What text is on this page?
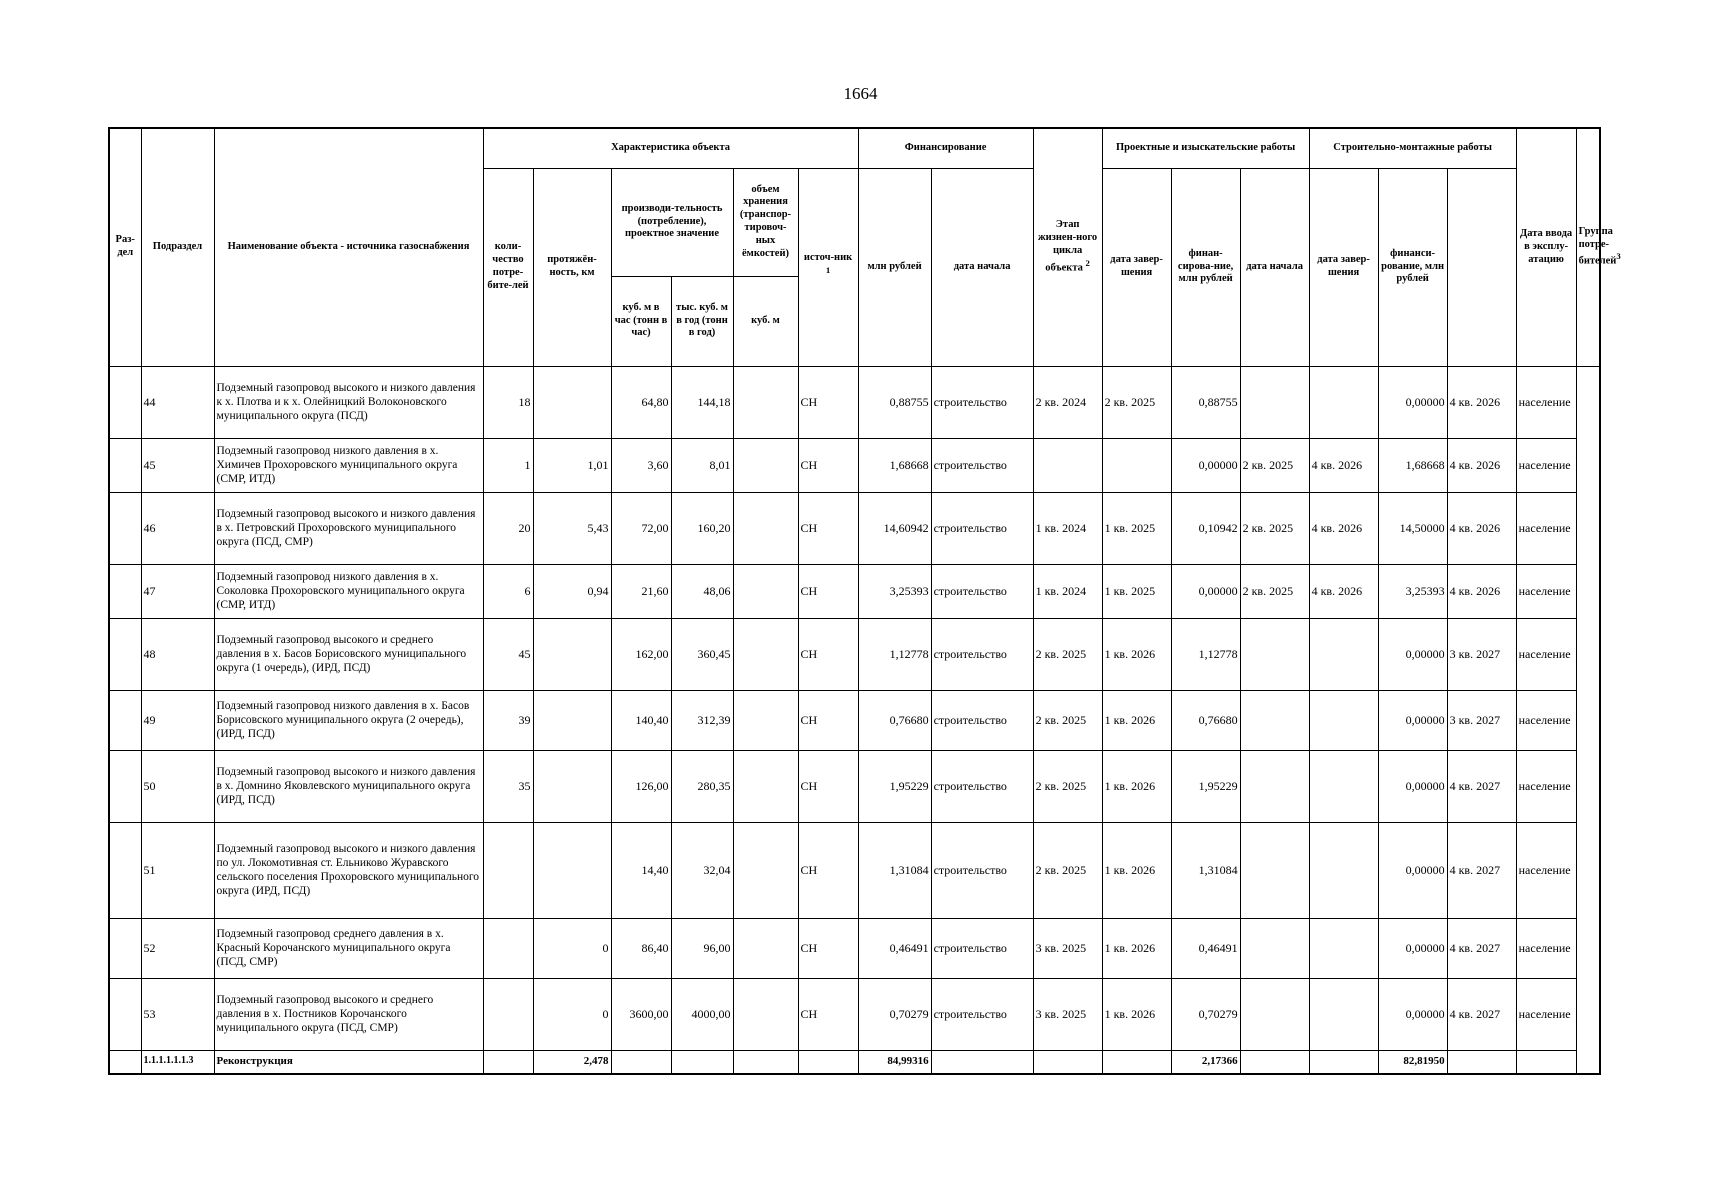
1664
Раз-дел	Подраздел	Наименование объекта - источника газоснабжения	Характеристика объекта						Финансирование		Этап жизнен-ного цикла объекта $^2$	Проектные и изыскательские работы			Строительно-монтажные работы			Дата ввода в эксплу-атацию	Группа потре-бителей$^3$
			коли-чество потре-бите-лей	протяжён-ность, км	производи-тельность (потребление), проектное значение		объем хранения (транспор-тировоч-ных ёмкостей)	источ-ник $^1$	млн рублей	дата начала		дата завер-шения	финан-сирова-ние, млн рублей	дата начала	дата завер-шения	финанси-рование, млн рублей			
					куб. м в час (тонн в час)	тыс. куб. м в год (тонн в год)	куб. м												
	44	Подземный газопровод высокого и низкого давления к х. Плотва и к х. Олейницкий Волоконовского муниципального округа (ПСД)	18		64,80	144,18		СН	0,88755	строительство	2 кв. 2024	2 кв. 2025	0,88755			0,00000	4 кв. 2026	население	
	45	Подземный газопровод низкого давления в х. Химичев Прохоровского муниципального округа (СМР, ИТД)	1	1,01	3,60	8,01		СН	1,68668	строительство			0,00000	2 кв. 2025	4 кв. 2026	1,68668	4 кв. 2026	население	
	46	Подземный газопровод высокого и низкого давления в х. Петровский Прохоровского муниципального округа (ПСД, СМР)	20	5,43	72,00	160,20		СН	14,60942	строительство	1 кв. 2024	1 кв. 2025	0,10942	2 кв. 2025	4 кв. 2026	14,50000	4 кв. 2026	население	
	47	Подземный газопровод низкого давления в х. Соколовка Прохоровского муниципального округа (СМР, ИТД)	6	0,94	21,60	48,06		СН	3,25393	строительство	1 кв. 2024	1 кв. 2025	0,00000	2 кв. 2025	4 кв. 2026	3,25393	4 кв. 2026	население	
	48	Подземный газопровод высокого и среднего давления в х. Басов Борисовского муниципального округа (1 очередь), (ИРД, ПСД)	45		162,00	360,45		СН	1,12778	строительство	2 кв. 2025	1 кв. 2026	1,12778			0,00000	3 кв. 2027	население	
	49	Подземный газопровод низкого давления в х. Басов Борисовского муниципального округа (2 очередь), (ИРД, ПСД)	39		140,40	312,39		СН	0,76680	строительство	2 кв. 2025	1 кв. 2026	0,76680			0,00000	3 кв. 2027	население	
	50	Подземный газопровод высокого и низкого давления в х. Домнино Яковлевского муниципального округа (ИРД, ПСД)	35		126,00	280,35		СН	1,95229	строительство	2 кв. 2025	1 кв. 2026	1,95229			0,00000	4 кв. 2027	население	
	51	Подземный газопровод высокого и низкого давления по ул. Локомотивная ст. Ельниково Журавского сельского поселения Прохоровского муниципального округа (ИРД, ПСД)			14,40	32,04		СН	1,31084	строительство	2 кв. 2025	1 кв. 2026	1,31084			0,00000	4 кв. 2027	население	
	52	Подземный газопровод среднего давления в х. Красный Корочанского муниципального округа (ПСД, СМР)		0	86,40	96,00		СН	0,46491	строительство	3 кв. 2025	1 кв. 2026	0,46491			0,00000	4 кв. 2027	население	
	53	Подземный газопровод высокого и среднего давления в х. Постников Корочанского муниципального округа (ПСД, СМР)		0	3600,00	4000,00		СН	0,70279	строительство	3 кв. 2025	1 кв. 2026	0,70279			0,00000	4 кв. 2027	население	
	1.1.1.1.1.1.3	Реконструкция		2,478					84,99316				2,17366			82,81950			
